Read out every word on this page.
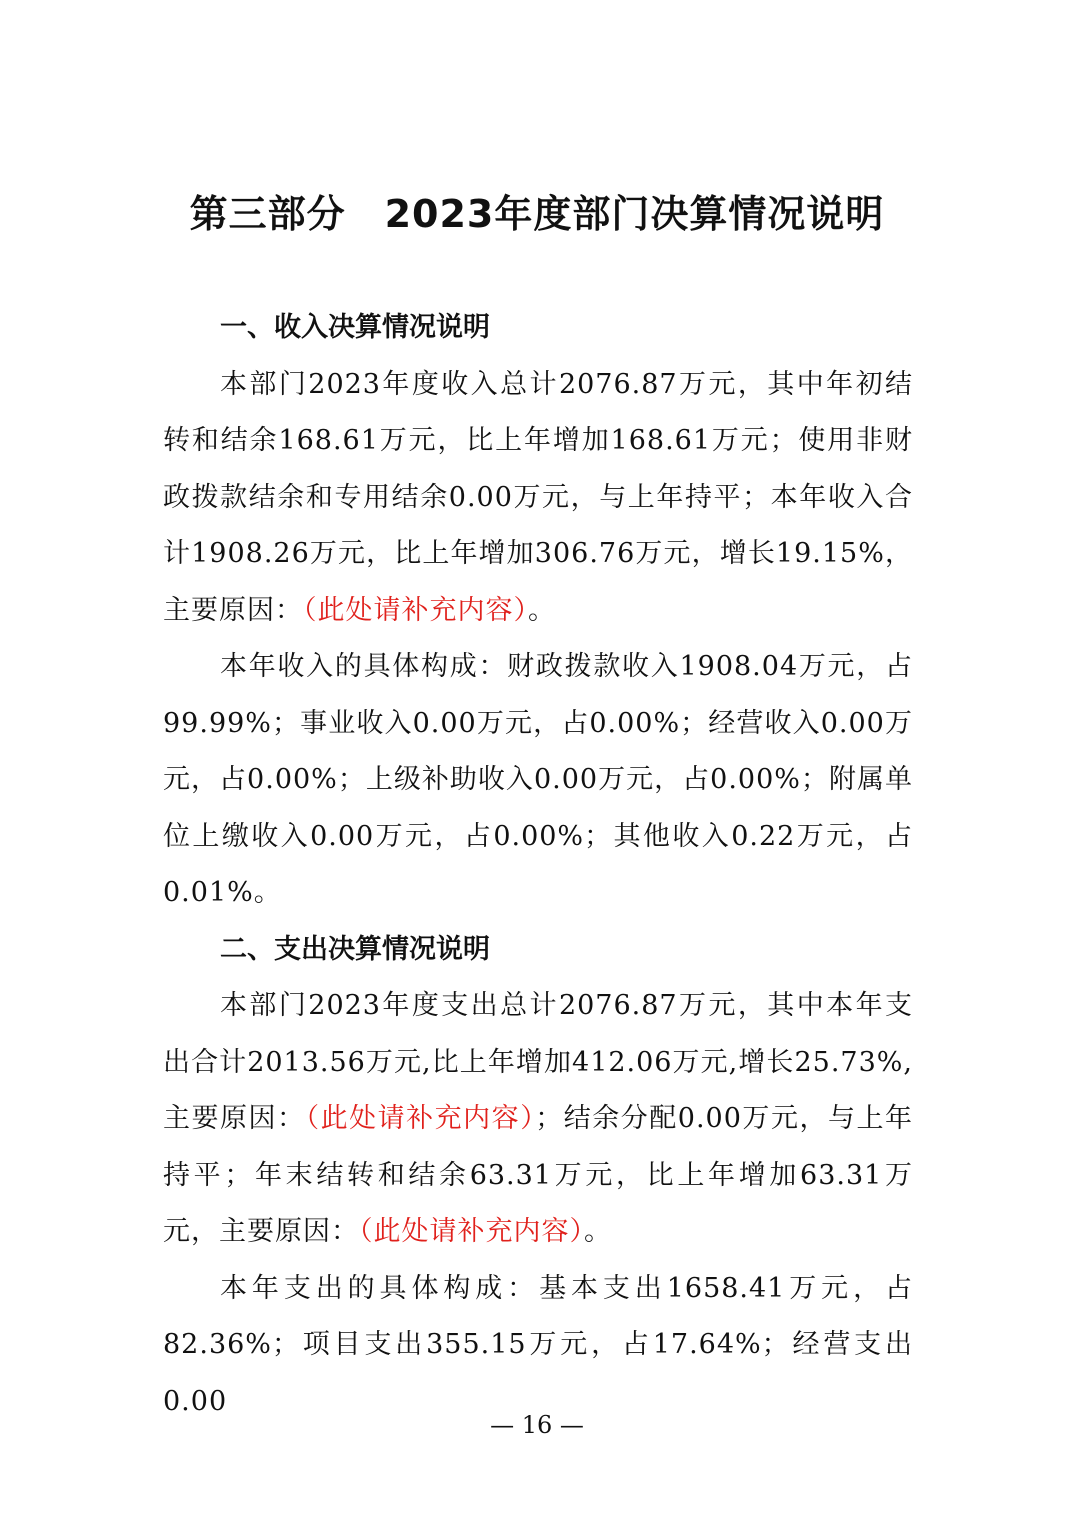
第三部分　2023年度部门决算情况说明

一、收入决算情况说明

本部门2023年度收入总计2076.87万元，其中年初结转和结余168.61万元，比上年增加168.61万元；使用非财政拨款结余和专用结余0.00万元，与上年持平；本年收入合计1908.26万元，比上年增加306.76万元，增长19.15%，主要原因：（此处请补充内容）。

本年收入的具体构成：财政拨款收入1908.04万元，占99.99%；事业收入0.00万元，占0.00%；经营收入0.00万元，占0.00%；上级补助收入0.00万元，占0.00%；附属单位上缴收入0.00万元，占0.00%；其他收入0.22万元，占0.01%。

二、支出决算情况说明

本部门2023年度支出总计2076.87万元，其中本年支出合计2013.56万元,比上年增加412.06万元,增长25.73%,主要原因：（此处请补充内容）；结余分配0.00万元，与上年持平；年末结转和结余63.31万元，比上年增加63.31万元，主要原因：（此处请补充内容）。

本年支出的具体构成：基本支出1658.41万元，占82.36%；项目支出355.15万元，占17.64%；经营支出0.00

— 16 —
